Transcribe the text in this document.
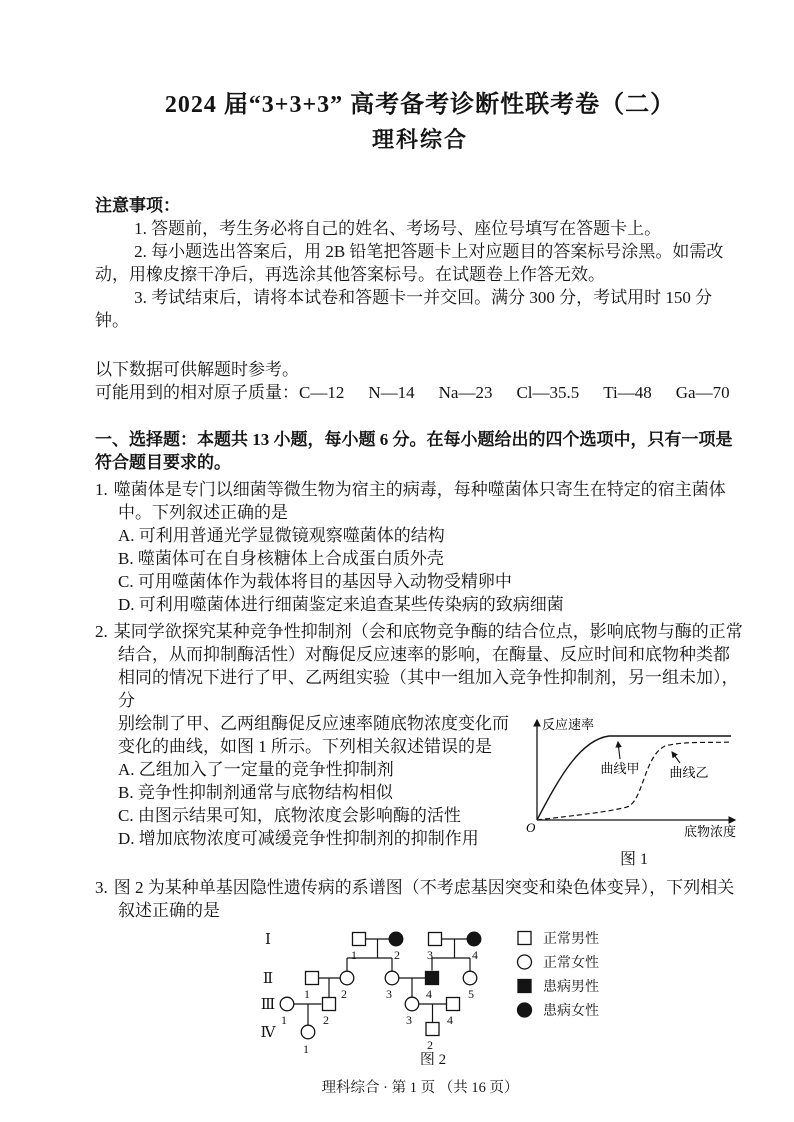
2024 届“3+3+3” 高考备考诊断性联考卷（二）
理科综合

注意事项：

1. 答题前，考生务必将自己的姓名、考场号、座位号填写在答题卡上。

2. 每小题选出答案后，用 2B 铅笔把答题卡上对应题目的答案标号涂黑。如需改动，用橡皮擦干净后，再选涂其他答案标号。在试题卷上作答无效。

3. 考试结束后，请将本试卷和答题卡一并交回。满分 300 分，考试用时 150 分钟。

以下数据可供解题时参考。

可能用到的相对原子质量：C—12 N—14 Na—23 Cl—35.5 Ti—48 Ga—70

一、选择题：本题共 13 小题，每小题 6 分。在每小题给出的四个选项中，只有一项是符合题目要求的。

1. 噬菌体是专门以细菌等微生物为宿主的病毒，每种噬菌体只寄生在特定的宿主菌体中。下列叙述正确的是

A. 可利用普通光学显微镜观察噬菌体的结构
B. 噬菌体可在自身核糖体上合成蛋白质外壳
C. 可用噬菌体作为载体将目的基因导入动物受精卵中
D. 可利用噬菌体进行细菌鉴定来追查某些传染病的致病细菌

2. 某同学欲探究某种竞争性抑制剂（会和底物竞争酶的结合位点，影响底物与酶的正常结合，从而抑制酶活性）对酶促反应速率的影响，在酶量、反应时间和底物种类都相同的情况下进行了甲、乙两组实验（其中一组加入竞争性抑制剂，另一组未加），分

反应速率
底物浓度
O
曲线甲 曲线乙
图 1

别绘制了甲、乙两组酶促反应速率随底物浓度变化而变化的曲线，如图 1 所示。下列相关叙述错误的是

A. 乙组加入了一定量的竞争性抑制剂
B. 竞争性抑制剂通常与底物结构相似
C. 由图示结果可知，底物浓度会影响酶的活性
D. 增加底物浓度可减缓竞争性抑制剂的抑制作用

3. 图 2 为某种单基因隐性遗传病的系谱图（不考虑基因突变和染色体变异），下列相关叙述正确的是

Ⅰ
Ⅱ
Ⅲ
Ⅳ
1	2 3	4
1	2	3	4	5
1	2	3	4
1	2
正常男性
正常女性
患病男性
患病女性
图 2
理科综合 · 第 1 页 （共 16 页）
